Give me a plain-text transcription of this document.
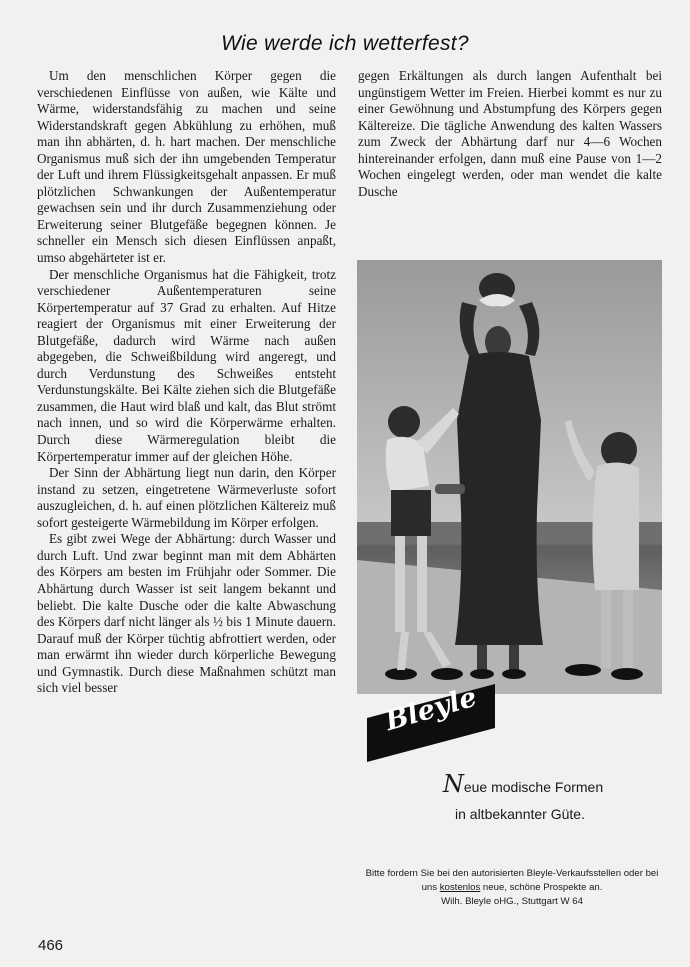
Wie werde ich wetterfest?

Um den menschlichen Körper gegen die verschiedenen Einflüsse von außen, wie Kälte und Wärme, widerstandsfähig zu machen und seine Widerstandskraft gegen Abkühlung zu erhöhen, muß man ihn abhärten, d. h. hart machen. Der menschliche Organismus muß sich der ihn umgebenden Temperatur der Luft und ihrem Flüssigkeitsgehalt anpassen. Er muß plötzlichen Schwankungen der Außentemperatur gewachsen sein und ihr durch Zusammenziehung oder Erweiterung seiner Blutgefäße begegnen können. Je schneller ein Mensch sich diesen Einflüssen anpaßt, umso abgehärteter ist er.

Der menschliche Organismus hat die Fähigkeit, trotz verschiedener Außentemperaturen seine Körpertemperatur auf 37 Grad zu erhalten. Auf Hitze reagiert der Organismus mit einer Erweiterung der Blutgefäße, dadurch wird Wärme nach außen abgegeben, die Schweißbildung wird angeregt, und durch Verdunstung des Schweißes entsteht Verdunstungskälte. Bei Kälte ziehen sich die Blutgefäße zusammen, die Haut wird blaß und kalt, das Blut strömt nach innen, und so wird die Körperwärme erhalten. Durch diese Wärmeregulation bleibt die Körpertemperatur immer auf der gleichen Höhe.

Der Sinn der Abhärtung liegt nun darin, den Körper instand zu setzen, eingetretene Wärmeverluste sofort auszugleichen, d. h. auf einen plötzlichen Kältereiz muß sofort gesteigerte Wärmebildung im Körper erfolgen.

Es gibt zwei Wege der Abhärtung: durch Wasser und durch Luft. Und zwar beginnt man mit dem Abhärten des Körpers am besten im Frühjahr oder Sommer. Die Abhärtung durch Wasser ist seit langem bekannt und beliebt. Die kalte Dusche oder die kalte Abwaschung des Körpers darf nicht länger als ½ bis 1 Minute dauern. Darauf muß der Körper tüchtig abfrottiert werden, oder man erwärmt ihn wieder durch körperliche Bewegung und Gymnastik. Durch diese Maßnahmen schützt man sich viel besser

gegen Erkältungen als durch langen Aufenthalt bei ungünstigem Wetter im Freien. Hierbei kommt es nur zu einer Gewöhnung und Abstumpfung des Körpers gegen Kältereize. Die tägliche Anwendung des kalten Wassers zum Zweck der Abhärtung darf nur 4—6 Wochen hintereinander erfolgen, dann muß eine Pause von 1—2 Wochen eingelegt werden, oder man wendet die kalte Dusche

Bleyle
Neue modische Formen
in altbekannter Güte.
Bitte fordern Sie bei den autorisierten Bleyle-Verkaufsstellen oder bei uns kostenlos neue, schöne Prospekte an.
Wilh. Bleyle oHG., Stuttgart W 64
466
